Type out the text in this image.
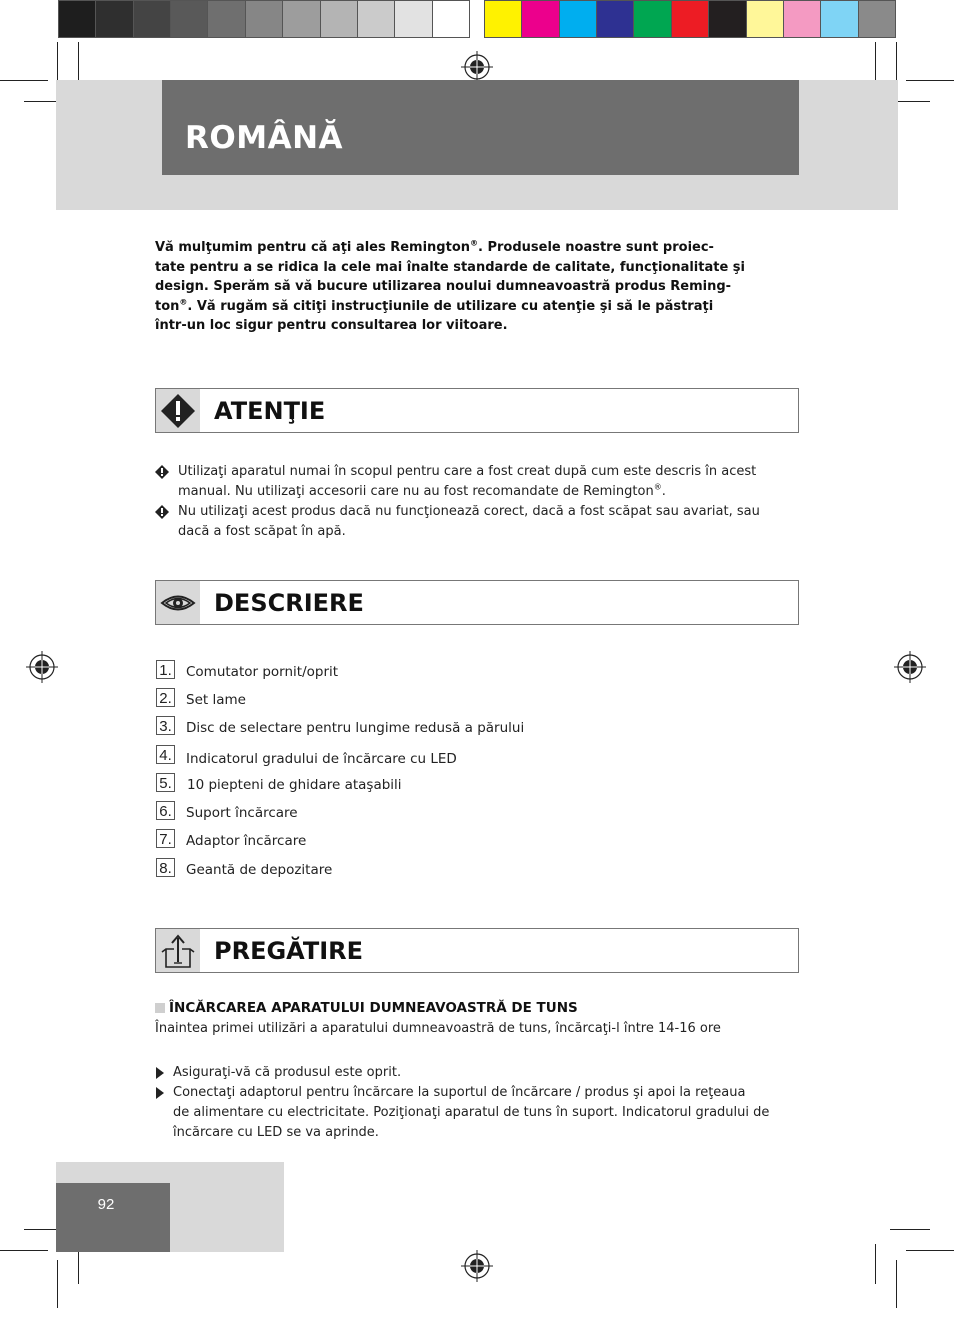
ROMÂNĂ
Vă mulţumim pentru că aţi ales Remington®. Produsele noastre sunt proiec-
tate pentru a se ridica la cele mai înalte standarde de calitate, funcţionalitate şi
design. Sperăm să vă bucure utilizarea noului dumneavoastră produs Reming-
ton®. Vă rugăm să citiţi instrucţiunile de utilizare cu atenţie şi să le păstraţi
într-un loc sigur pentru consultarea lor viitoare.
ATENŢIE
Utilizaţi aparatul numai în scopul pentru care a fost creat după cum este descris în acest
manual. Nu utilizaţi accesorii care nu au fost recomandate de Remington®.
Nu utilizaţi acest produs dacă nu funcţionează corect, dacă a fost scăpat sau avariat, sau
dacă a fost scăpat în apă.
DESCRIERE
1. Comutator pornit/oprit
2. Set lame
3. Disc de selectare pentru lungime redusă a părului
4. Indicatorul gradului de încărcare cu LED
5. 10 piepteni de ghidare ataşabili
6. Suport încărcare
7. Adaptor încărcare
8. Geantă de depozitare
PREGĂTIRE
ÎNCĂRCAREA APARATULUI DUMNEAVOASTRĂ DE TUNS
Înaintea primei utilizări a aparatului dumneavoastră de tuns, încărcaţi-l între 14-16 ore
Asiguraţi-vă că produsul este oprit.
Conectaţi adaptorul pentru încărcare la suportul de încărcare / produs şi apoi la reţeaua
de alimentare cu electricitate. Poziţionaţi aparatul de tuns în suport. Indicatorul gradului de
încărcare cu LED se va aprinde.
92
